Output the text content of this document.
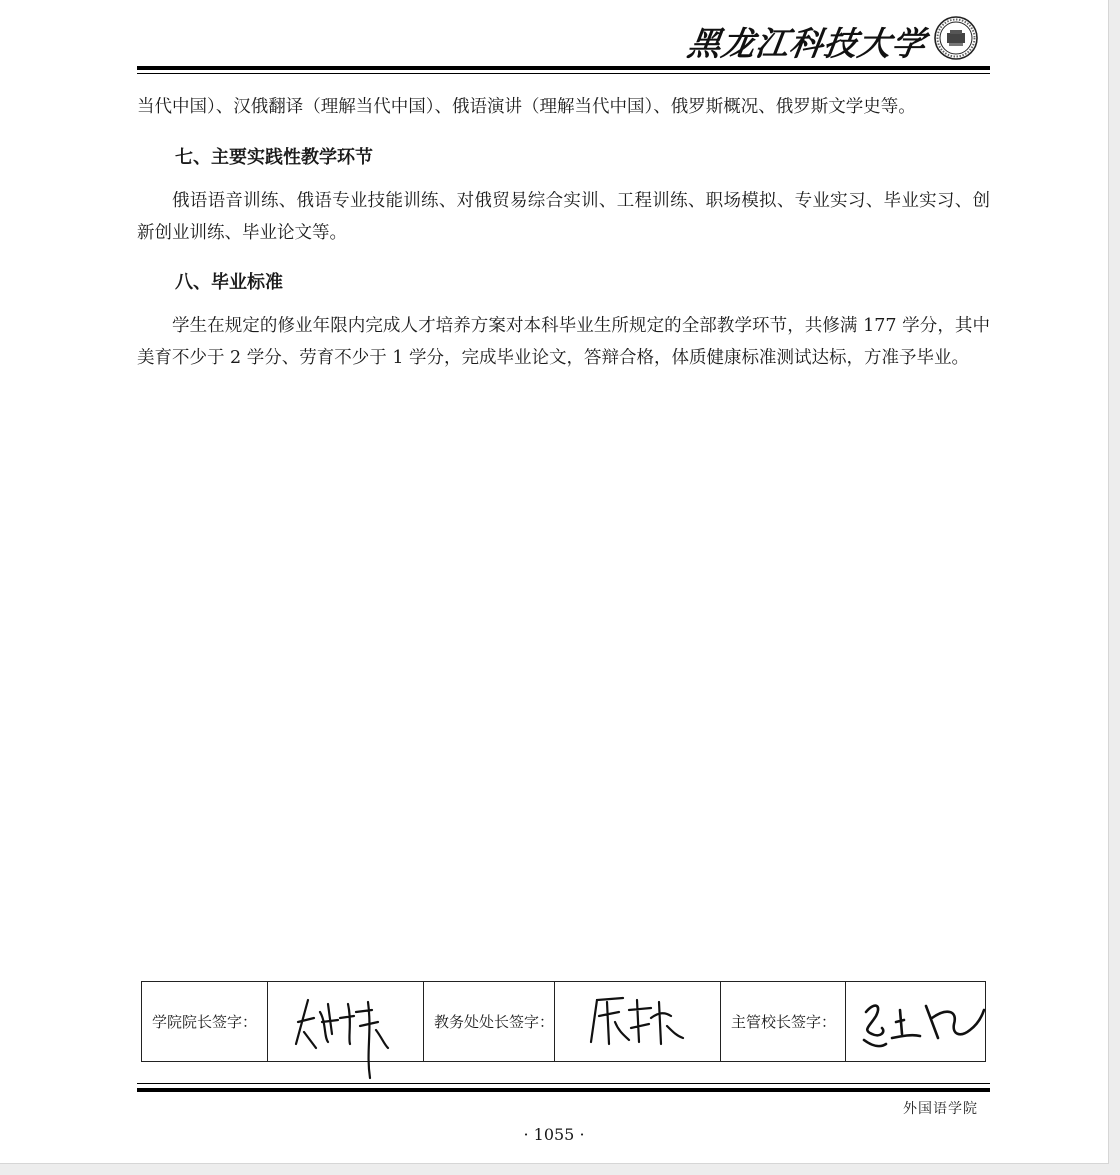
黑龙江科技大学
当代中国）、汉俄翻译（理解当代中国）、俄语演讲（理解当代中国）、俄罗斯概况、俄罗斯文学史等。
七、主要实践性教学环节
俄语语音训练、俄语专业技能训练、对俄贸易综合实训、工程训练、职场模拟、专业实习、毕业实习、创新创业训练、毕业论文等。
八、毕业标准
学生在规定的修业年限内完成人才培养方案对本科毕业生所规定的全部教学环节，共修满 177 学分，其中美育不少于 2 学分、劳育不少于 1 学分，完成毕业论文，答辩合格，体质健康标准测试达标，方准予毕业。
学院院长签字：		教务处处长签字：		主管校长签字：	
外国语学院
· 1055 ·
